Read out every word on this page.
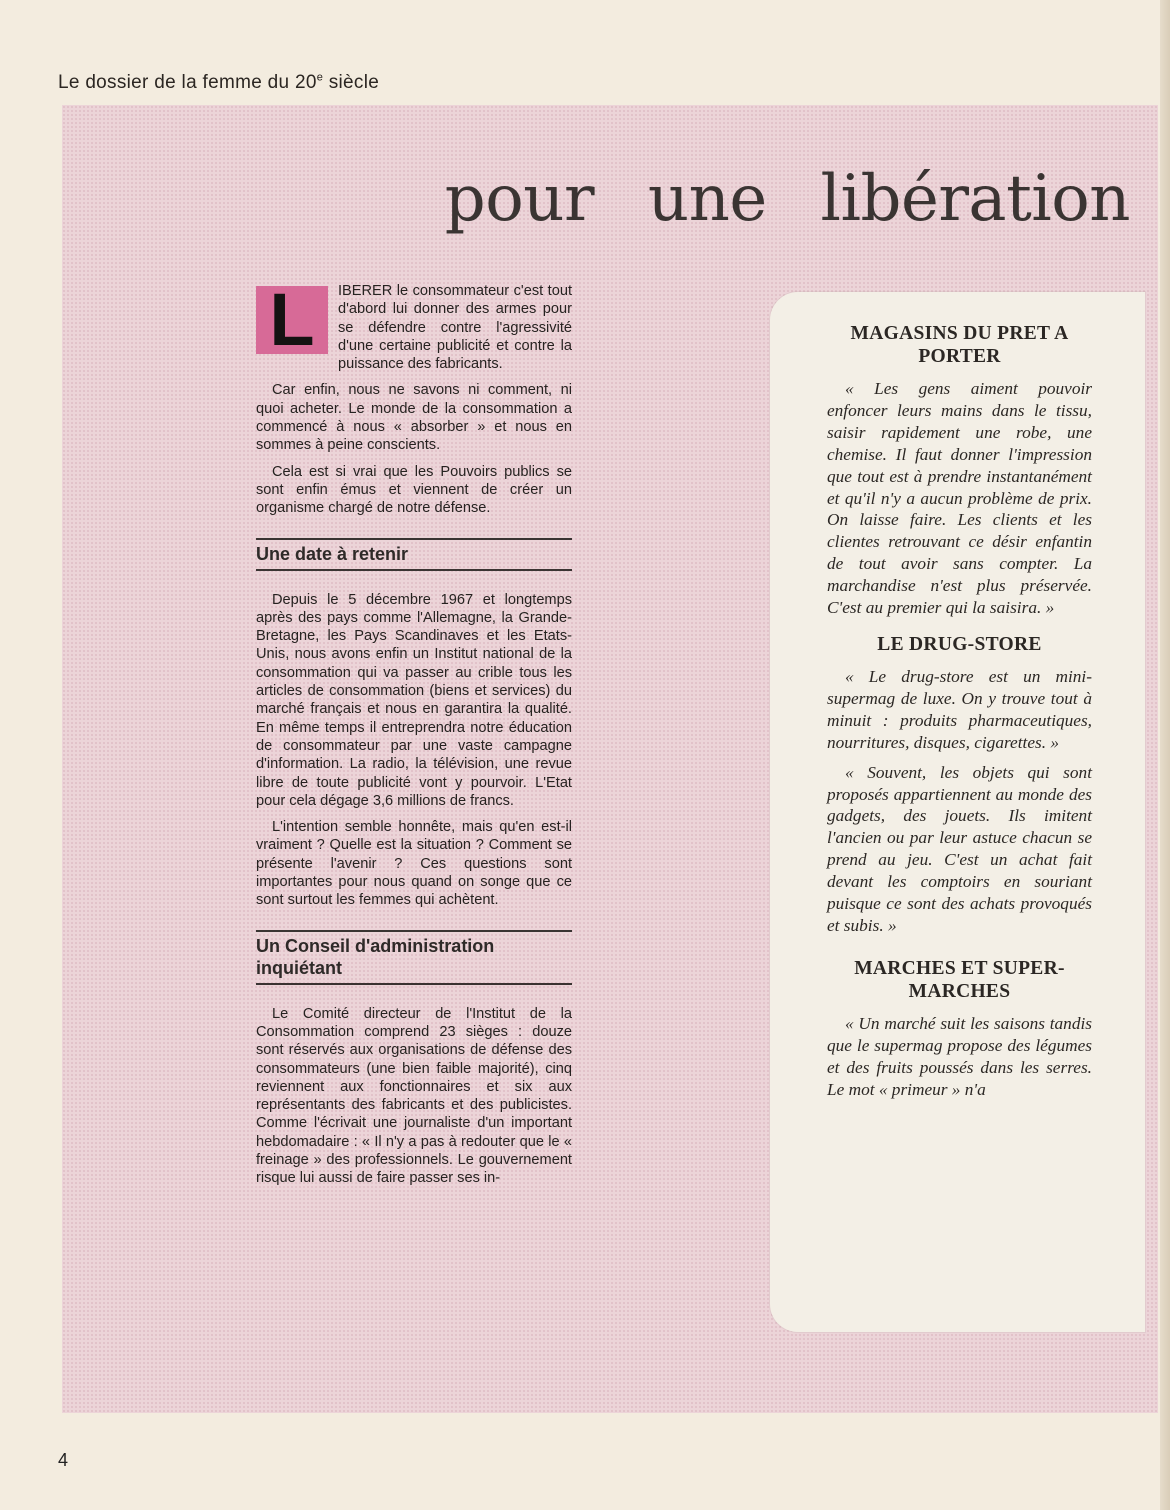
Le dossier de la femme du 20e siècle
pour une libération

L	IBERER le consommateur c'est tout d'abord lui donner des armes pour se défendre contre l'agressivité d'une certaine publicité et contre la puissance des fabricants.

Car enfin, nous ne savons ni comment, ni quoi acheter. Le monde de la consommation a commencé à nous « absorber » et nous en sommes à peine conscients.

Cela est si vrai que les Pouvoirs publics se sont enfin émus et viennent de créer un organisme chargé de notre défense.

Une date à retenir

Depuis le 5 décembre 1967 et longtemps après des pays comme l'Allemagne, la Grande-Bretagne, les Pays Scandinaves et les Etats-Unis, nous avons enfin un Institut national de la consommation qui va passer au crible tous les articles de consommation (biens et services) du marché français et nous en garantira la qualité. En même temps il entreprendra notre éducation de consommateur par une vaste campagne d'information. La radio, la télévision, une revue libre de toute publicité vont y pourvoir. L'Etat pour cela dégage 3,6 millions de francs.

L'intention semble honnête, mais qu'en est-il vraiment ? Quelle est la situation ? Comment se présente l'avenir ? Ces questions sont importantes pour nous quand on songe que ce sont surtout les femmes qui achètent.

Un Conseil d'administration inquiétant

Le Comité directeur de l'Institut de la Consommation comprend 23 sièges : douze sont réservés aux organisations de défense des consommateurs (une bien faible majorité), cinq reviennent aux fonctionnaires et six aux représentants des fabricants et des publicistes. Comme l'écrivait une journaliste d'un important hebdomadaire : « Il n'y a pas à redouter que le « freinage » des professionnels. Le gouvernement risque lui aussi de faire passer ses in-

MAGASINS DU PRET A PORTER

« Les gens aiment pouvoir enfoncer leurs mains dans le tissu, saisir rapidement une robe, une chemise. Il faut donner l'impression que tout est à prendre instantanément et qu'il n'y a aucun problème de prix. On laisse faire. Les clients et les clientes retrouvant ce désir enfantin de tout avoir sans compter. La marchandise n'est plus préservée. C'est au premier qui la saisira. »

LE DRUG-STORE

« Le drug-store est un mini-supermag de luxe. On y trouve tout à minuit : produits pharmaceutiques, nourritures, disques, cigarettes. »

« Souvent, les objets qui sont proposés appartiennent au monde des gadgets, des jouets. Ils imitent l'ancien ou par leur astuce chacun se prend au jeu. C'est un achat fait devant les comptoirs en souriant puisque ce sont des achats provoqués et subis. »

MARCHES ET SUPER-MARCHES

« Un marché suit les saisons tandis que le supermag propose des légumes et des fruits poussés dans les serres. Le mot « primeur » n'a

4
